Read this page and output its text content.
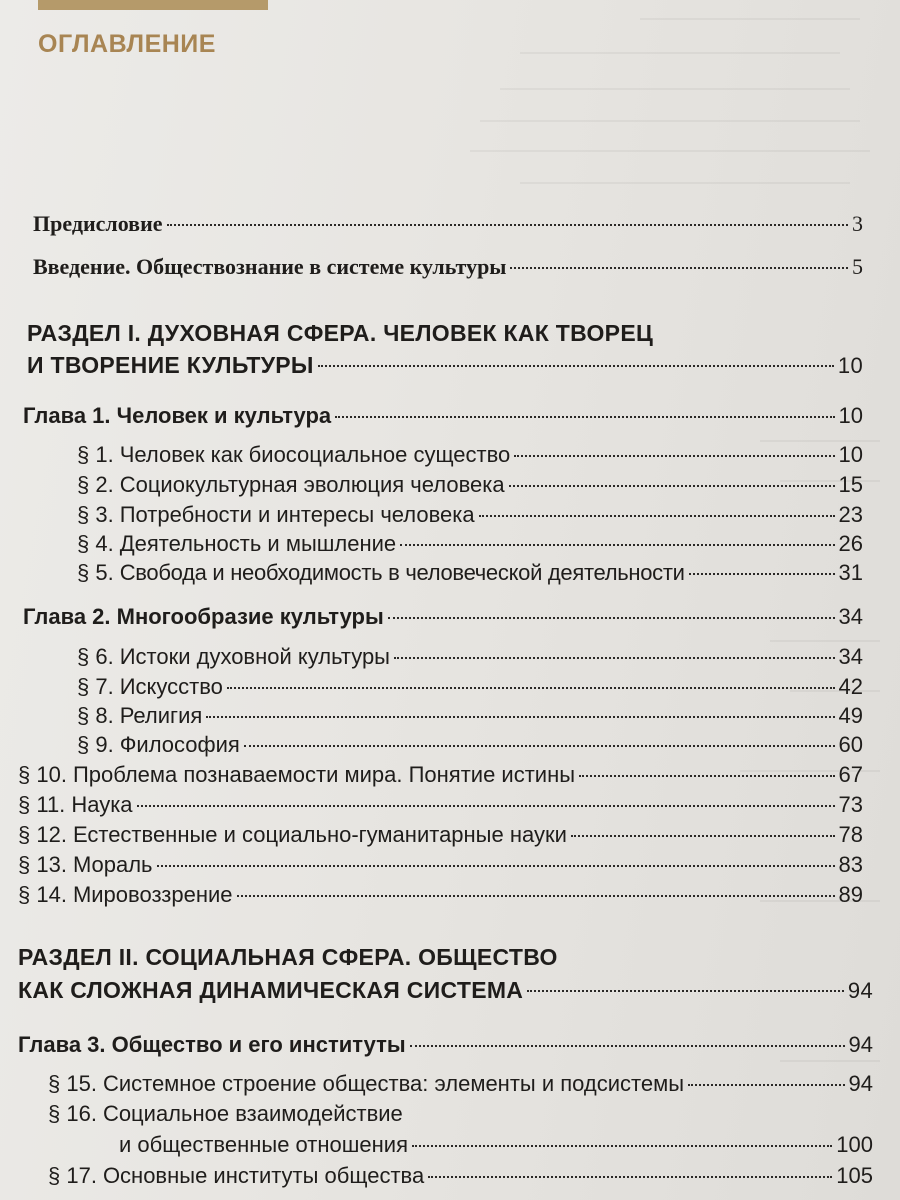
ОГЛАВЛЕНИЕ
Предисловие	3
Введение. Обществознание в системе культуры	5
РАЗДЕЛ I. ДУХОВНАЯ СФЕРА. ЧЕЛОВЕК КАК ТВОРЕЦ
И ТВОРЕНИЕ КУЛЬТУРЫ	10
Глава 1. Человек и культура	10
§ 1. Человек как биосоциальное существо	10
§ 2. Социокультурная эволюция человека	15
§ 3. Потребности и интересы человека	23
§ 4. Деятельность и мышление	26
§ 5. Свобода и необходимость в человеческой деятельности	31
Глава 2. Многообразие культуры	34
§ 6. Истоки духовной культуры	34
§ 7. Искусство	42
§ 8. Религия	49
§ 9. Философия	60
§ 10. Проблема познаваемости мира. Понятие истины	67
§ 11. Наука	73
§ 12. Естественные и социально-гуманитарные науки	78
§ 13. Мораль	83
§ 14. Мировоззрение	89
РАЗДЕЛ II. СОЦИАЛЬНАЯ СФЕРА. ОБЩЕСТВО
КАК СЛОЖНАЯ ДИНАМИЧЕСКАЯ СИСТЕМА	94
Глава 3. Общество и его институты	94
§ 15. Системное строение общества: элементы и подсистемы	94
§ 16. Социальное взаимодействие
и общественные отношения	100
§ 17. Основные институты общества	105
